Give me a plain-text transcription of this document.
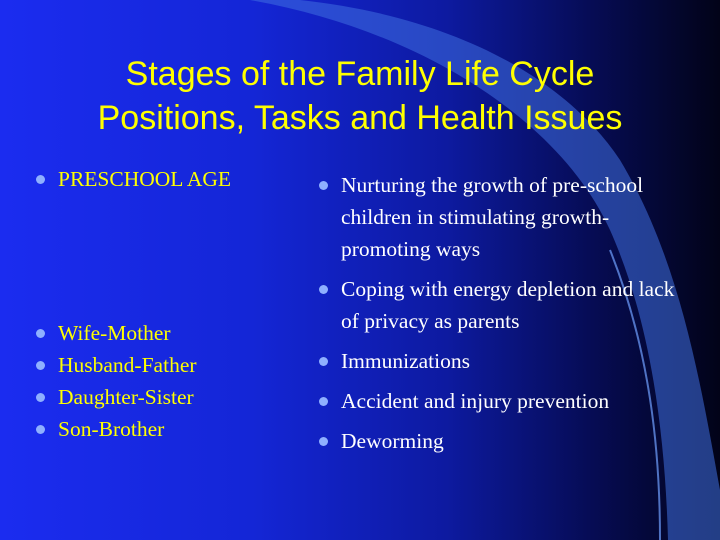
Stages of the Family Life Cycle
Positions, Tasks and Health Issues
PRESCHOOL AGE
Wife-Mother
Husband-Father
Daughter-Sister
Son-Brother
Nurturing the growth of pre-school children in stimulating growth-promoting ways
Coping with energy depletion and lack of privacy as parents
Immunizations
Accident and injury prevention
Deworming
